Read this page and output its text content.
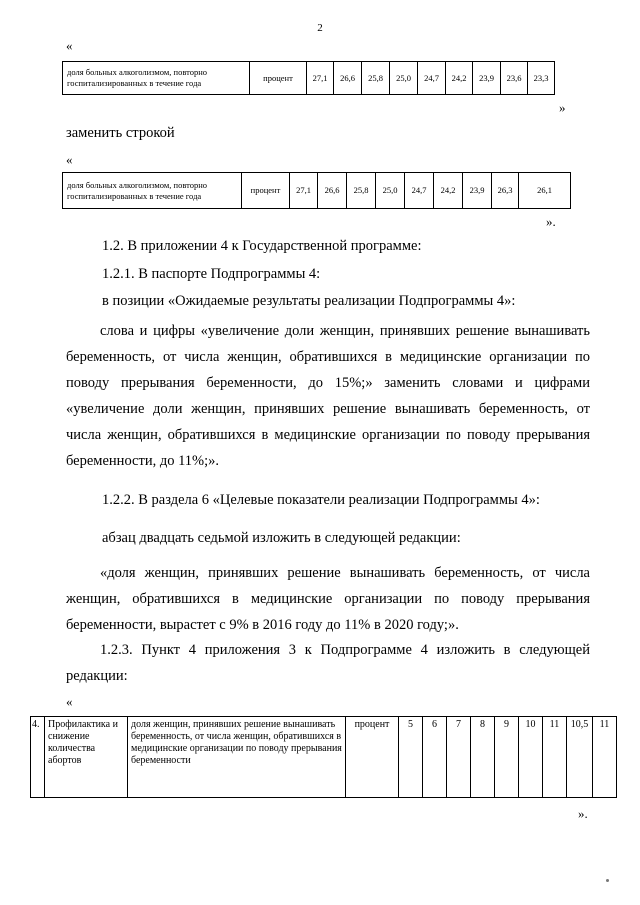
2
«
доля больных алкоголизмом, повторно госпитализированных в течение года	процент	27,1	26,6	25,8	25,0	24,7	24,2	23,9	23,6	23,3
»
заменить строкой
«
доля больных алкоголизмом, повторно госпитализированных в течение года	процент	27,1	26,6	25,8	25,0	24,7	24,2	23,9	26,3	26,1
».
1.2. В приложении 4 к Государственной программе:
1.2.1. В паспорте Подпрограммы 4:
в позиции «Ожидаемые результаты реализации Подпрограммы 4»:
слова и цифры «увеличение доли женщин, принявших решение вынашивать беременность, от числа женщин, обратившихся в медицинские организации по поводу прерывания беременности, до 15%;» заменить словами и цифрами «увеличение доли женщин, принявших решение вынашивать беременность, от числа женщин, обратившихся в медицинские организации по поводу прерывания беременности, до 11%;».
1.2.2. В раздела 6 «Целевые показатели реализации Подпрограммы 4»:
абзац двадцать седьмой изложить в следующей редакции:
«доля женщин, принявших решение вынашивать беременность, от числа женщин, обратившихся в медицинские организации по поводу прерывания беременности, вырастет с 9% в 2016 году до 11% в 2020 году;».
1.2.3. Пункт 4 приложения 3 к Подпрограмме 4 изложить в следующей редакции:
«
4.	Профилактика и снижение количества абортов	доля женщин, принявших решение вынашивать беременность, от числа женщин, обратившихся в медицинские организации по поводу прерывания беременности	процент	5	6	7	8	9	10	11	10,5	11
».
